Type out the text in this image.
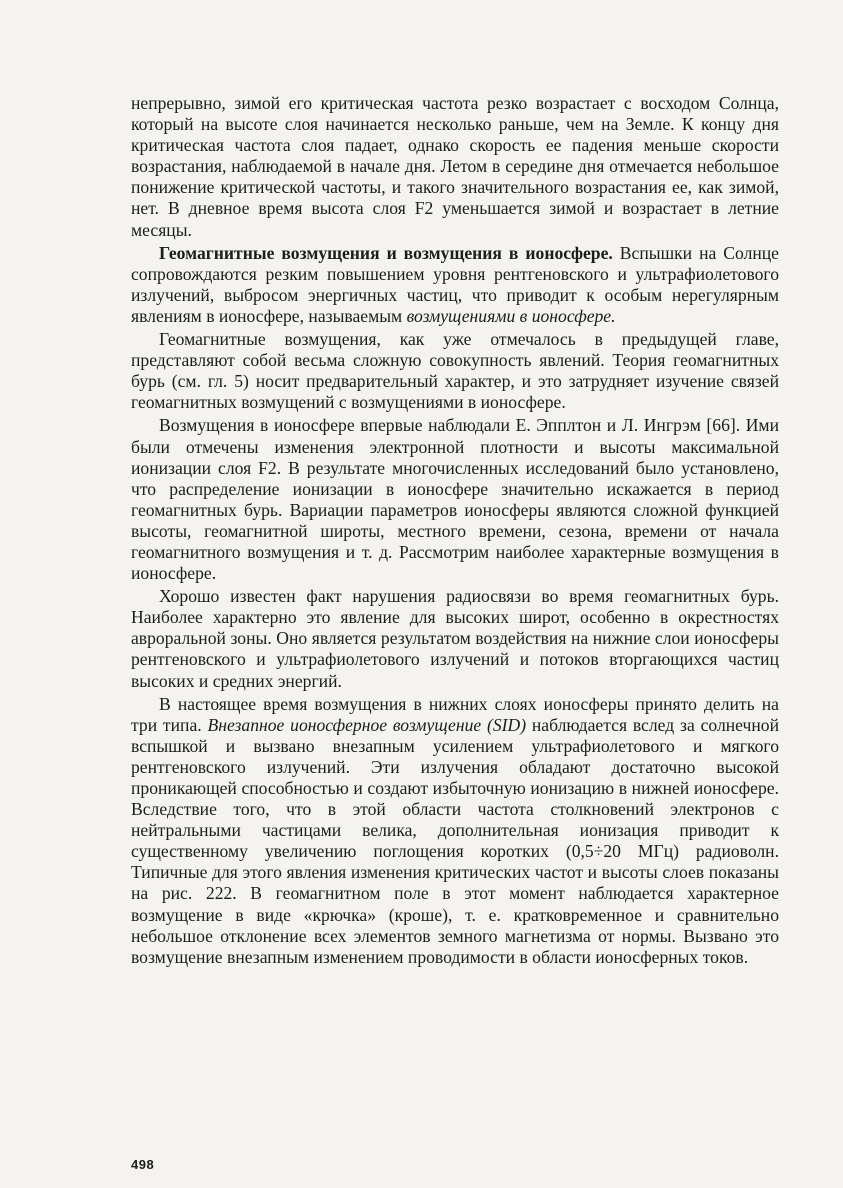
непрерывно, зимой его критическая частота резко возрастает с восходом Солнца, который на высоте слоя начинается несколько раньше, чем на Земле. К концу дня критическая частота слоя падает, однако скорость ее падения меньше скорости возрастания, наблюдаемой в начале дня. Летом в середине дня отмечается небольшое понижение критической частоты, и такого значительного возрастания ее, как зимой, нет. В дневное время высота слоя F2 уменьшается зимой и возрастает в летние месяцы.

Геомагнитные возмущения и возмущения в ионосфере. Вспышки на Солнце сопровождаются резким повышением уровня рентгеновского и ультрафиолетового излучений, выбросом энергичных частиц, что приводит к особым нерегулярным явлениям в ионосфере, называемым возмущениями в ионосфере.

Геомагнитные возмущения, как уже отмечалось в предыдущей главе, представляют собой весьма сложную совокупность явлений. Теория геомагнитных бурь (см. гл. 5) носит предварительный характер, и это затрудняет изучение связей геомагнитных возмущений с возмущениями в ионосфере.

Возмущения в ионосфере впервые наблюдали Е. Эпплтон и Л. Ингрэм [66]. Ими были отмечены изменения электронной плотности и высоты максимальной ионизации слоя F2. В результате многочисленных исследований было установлено, что распределение ионизации в ионосфере значительно искажается в период геомагнитных бурь. Вариации параметров ионосферы являются сложной функцией высоты, геомагнитной широты, местного времени, сезона, времени от начала геомагнитного возмущения и т. д. Рассмотрим наиболее характерные возмущения в ионосфере.

Хорошо известен факт нарушения радиосвязи во время геомагнитных бурь. Наиболее характерно это явление для высоких широт, особенно в окрестностях авроральной зоны. Оно является результатом воздействия на нижние слои ионосферы рентгеновского и ультрафиолетового излучений и потоков вторгающихся частиц высоких и средних энергий.

В настоящее время возмущения в нижних слоях ионосферы принято делить на три типа. Внезапное ионосферное возмущение (SID) наблюдается вслед за солнечной вспышкой и вызвано внезапным усилением ультрафиолетового и мягкого рентгеновского излучений. Эти излучения обладают достаточно высокой проникающей способностью и создают избыточную ионизацию в нижней ионосфере. Вследствие того, что в этой области частота столкновений электронов с нейтральными частицами велика, дополнительная ионизация приводит к существенному увеличению поглощения коротких (0,5÷20 МГц) радиоволн. Типичные для этого явления изменения критических частот и высоты слоев показаны на рис. 222. В геомагнитном поле в этот момент наблюдается характерное возмущение в виде «крючка» (кроше), т. е. кратковременное и сравнительно небольшое отклонение всех элементов земного магнетизма от нормы. Вызвано это возмущение внезапным изменением проводимости в области ионосферных токов.

498
